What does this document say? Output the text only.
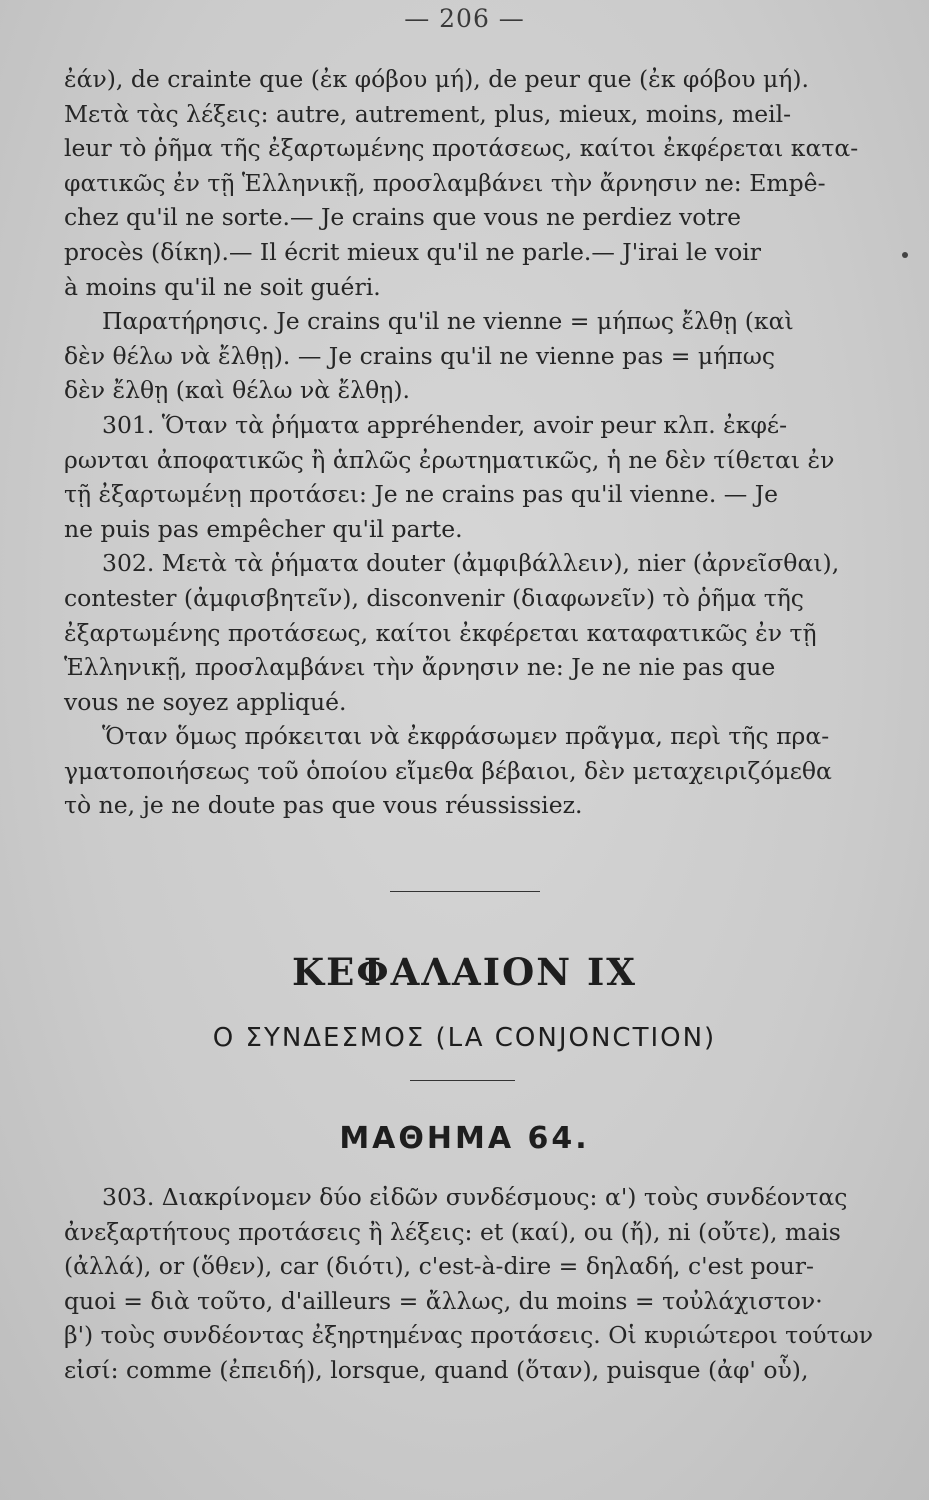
— 206 —

ἐάν), de crainte que (ἐκ φόβου μή), de peur que (ἐκ φόβου μή).
Μετὰ τὰς λέξεις: autre, autrement, plus, mieux, moins, meil-
leur τὸ ῥῆμα τῆς ἐξαρτωμένης προτάσεως, καίτοι ἐκφέρεται κατα-
φατικῶς ἐν τῇ Ἑλληνικῇ, προσλαμβάνει τὴν ἄρνησιν ne: Empê-
chez qu'il ne sorte.— Je crains que vous ne perdiez votre
procès (δίκη).— Il écrit mieux qu'il ne parle.— J'irai le voir
à moins qu'il ne soit guéri.

Παρατήρησις. Je crains qu'il ne vienne = μήπως ἔλθῃ (καὶ
δὲν θέλω νὰ ἔλθῃ). — Je crains qu'il ne vienne pas = μήπως
δὲν ἔλθῃ (καὶ θέλω νὰ ἔλθῃ).

301. Ὅταν τὰ ῥήματα appréhender, avoir peur κλπ. ἐκφέ-
ρωνται ἀποφατικῶς ἢ ἁπλῶς ἐρωτηματικῶς, ἡ ne δὲν τίθεται ἐν
τῇ ἐξαρτωμένῃ προτάσει: Je ne crains pas qu'il vienne. — Je
ne puis pas empêcher qu'il parte.

302. Μετὰ τὰ ῥήματα douter (ἀμφιβάλλειν), nier (ἀρνεῖσθαι),
contester (ἀμφισβητεῖν), disconvenir (διαφωνεῖν) τὸ ῥῆμα τῆς
ἐξαρτωμένης προτάσεως, καίτοι ἐκφέρεται καταφατικῶς ἐν τῇ
Ἑλληνικῇ, προσλαμβάνει τὴν ἄρνησιν ne: Je ne nie pas que
vous ne soyez appliqué.

Ὅταν ὅμως πρόκειται νὰ ἐκφράσωμεν πρᾶγμα, περὶ τῆς πρα-
γματοποιήσεως τοῦ ὁποίου εἴμεθα βέβαιοι, δὲν μεταχειριζόμεθα
τὸ ne, je ne doute pas que vous réussissiez.

ΚΕΦΑΛΑΙΟΝ ΙΧ
Ο ΣΥΝΔΕΣΜΟΣ (LA CONJONCTION)
ΜΑΘΗΜΑ 64.

303. Διακρίνομεν δύο εἰδῶν συνδέσμους: α') τοὺς συνδέοντας
ἀνεξαρτήτους προτάσεις ἢ λέξεις: et (καί), ou (ἤ), ni (οὔτε), mais
(ἀλλά), or (ὅθεν), car (διότι), c'est-à-dire = δηλαδή, c'est pour-
quoi = διὰ τοῦτο, d'ailleurs = ἄλλως, du moins = τοὐλάχιστον·
β') τοὺς συνδέοντας ἐξηρτημένας προτάσεις. Οἱ κυριώτεροι τούτων
εἰσί: comme (ἐπειδή), lorsque, quand (ὅταν), puisque (ἀφ' οὗ),
